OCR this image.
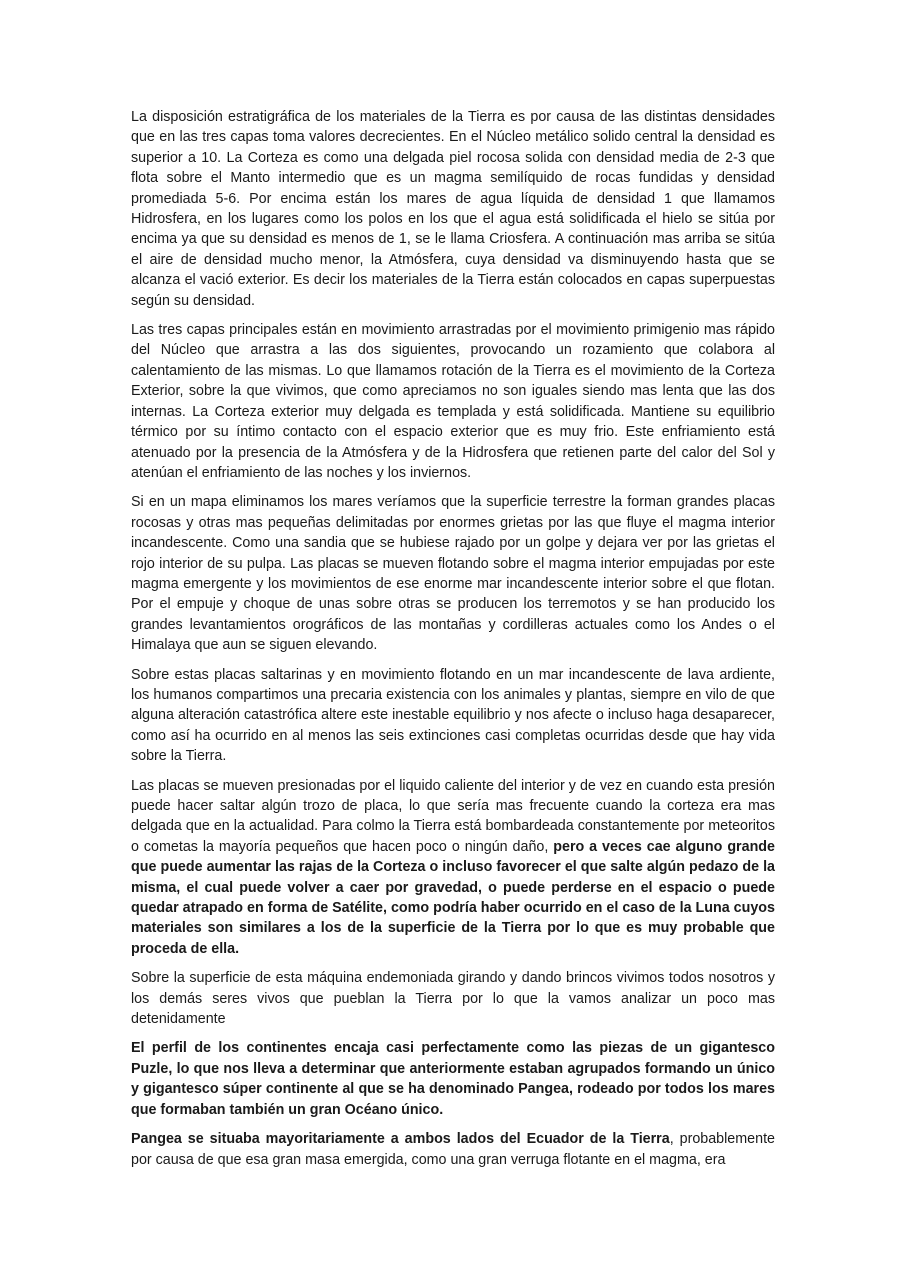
La disposición estratigráfica de los materiales de la Tierra es por causa de las distintas densidades que en las tres capas toma valores decrecientes. En el Núcleo metálico solido central la densidad es superior a 10. La Corteza es como una delgada piel rocosa solida con densidad media de 2-3 que flota sobre el Manto intermedio que es un magma semilíquido de rocas fundidas y densidad promediada 5-6. Por encima están los mares de agua líquida de densidad 1 que llamamos Hidrosfera, en los lugares como los polos en los que el agua está solidificada el hielo se sitúa por encima ya que su densidad es menos de 1, se le llama Criosfera. A continuación mas arriba se sitúa el aire de densidad mucho menor, la Atmósfera, cuya densidad va disminuyendo hasta que se alcanza el vació exterior. Es decir los materiales de la Tierra están colocados en capas superpuestas según su densidad.

Las tres capas principales están en movimiento arrastradas por el movimiento primigenio mas rápido del Núcleo que arrastra a las dos siguientes, provocando un rozamiento que colabora al calentamiento de las mismas. Lo que llamamos rotación de la Tierra es el movimiento de la Corteza Exterior, sobre la que vivimos, que como apreciamos no son iguales siendo mas lenta que las dos internas. La Corteza exterior muy delgada es templada y está solidificada. Mantiene su equilibrio térmico por su íntimo contacto con el espacio exterior que es muy frio. Este enfriamiento está atenuado por la presencia de la Atmósfera y de la Hidrosfera que retienen parte del calor del Sol y atenúan el enfriamiento de las noches y los inviernos.

Si en un mapa eliminamos los mares veríamos que la superficie terrestre la forman grandes placas rocosas y otras mas pequeñas delimitadas por enormes grietas por las que fluye el magma interior incandescente. Como una sandia que se hubiese rajado por un golpe y dejara ver por las grietas el rojo interior de su pulpa. Las placas se mueven flotando sobre el magma interior empujadas por este magma emergente y los movimientos de ese enorme mar incandescente interior sobre el que flotan. Por el empuje y choque de unas sobre otras se producen los terremotos y se han producido los grandes levantamientos orográficos de las montañas y cordilleras actuales como los Andes o el Himalaya que aun se siguen elevando.

Sobre estas placas saltarinas y en movimiento flotando en un mar incandescente de lava ardiente, los humanos compartimos una precaria existencia con los animales y plantas, siempre en vilo de que alguna alteración catastrófica altere este inestable equilibrio y nos afecte o incluso haga desaparecer, como así ha ocurrido en al menos las seis extinciones casi completas ocurridas desde que hay vida sobre la Tierra.

Las placas se mueven presionadas por el liquido caliente del interior y de vez en cuando esta presión puede hacer saltar algún trozo de placa, lo que sería mas frecuente cuando la corteza era mas delgada que en la actualidad. Para colmo la Tierra está bombardeada constantemente por meteoritos o cometas la mayoría pequeños que hacen poco o ningún daño, pero a veces cae alguno grande que puede aumentar las rajas de la Corteza o incluso favorecer el que salte algún pedazo de la misma, el cual puede volver a caer por gravedad, o puede perderse en el espacio o puede quedar atrapado en forma de Satélite, como podría haber ocurrido en el caso de la Luna cuyos materiales son similares a los de la superficie de la Tierra por lo que es muy probable que proceda de ella.

Sobre la superficie de esta máquina endemoniada girando y dando brincos vivimos todos nosotros y los demás seres vivos que pueblan la Tierra por lo que la vamos analizar un poco mas detenidamente

El perfil de los continentes encaja casi perfectamente como las piezas de un gigantesco Puzle, lo que nos lleva a determinar que anteriormente estaban agrupados formando un único y gigantesco súper continente al que se ha denominado Pangea, rodeado por todos los mares que formaban también un gran Océano único.

Pangea se situaba mayoritariamente a ambos lados del Ecuador de la Tierra, probablemente por causa de que esa gran masa emergida, como una gran verruga flotante en el magma, era
